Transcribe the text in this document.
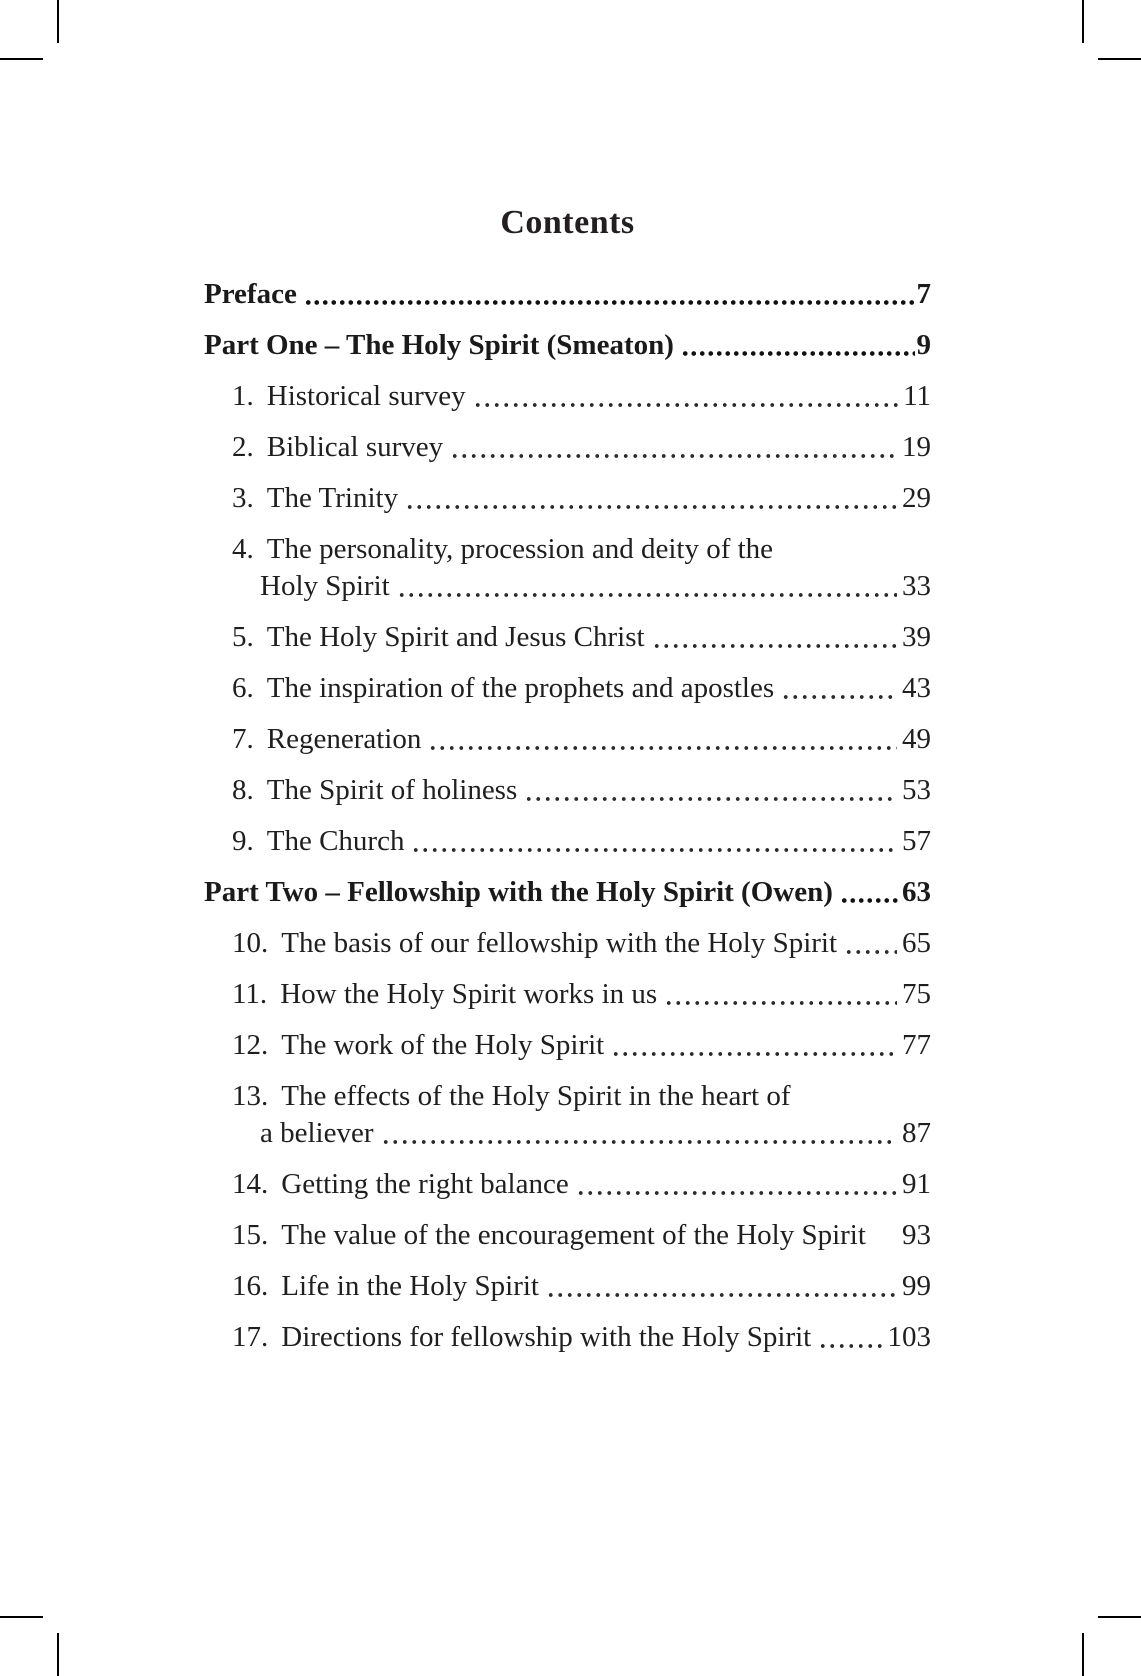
Contents
Preface	7
Part One – The Holy Spirit (Smeaton)	9
1. Historical survey	11
2. Biblical survey	19
3. The Trinity	29
4. The personality, procession and deity of the
Holy Spirit	33
5. The Holy Spirit and Jesus Christ	39
6. The inspiration of the prophets and apostles	43
7. Regeneration	49
8. The Spirit of holiness	53
9. The Church	57
Part Two – Fellowship with the Holy Spirit (Owen) 63
10. The basis of our fellowship with the Holy Spirit 65
11. How the Holy Spirit works in us	75
12. The work of the Holy Spirit	77
13. The effects of the Holy Spirit in the heart of
a believer	87
14. Getting the right balance	91
15. The value of the encouragement of the Holy Spirit 93
16. Life in the Holy Spirit	99
17. Directions for fellowship with the Holy Spirit	103
